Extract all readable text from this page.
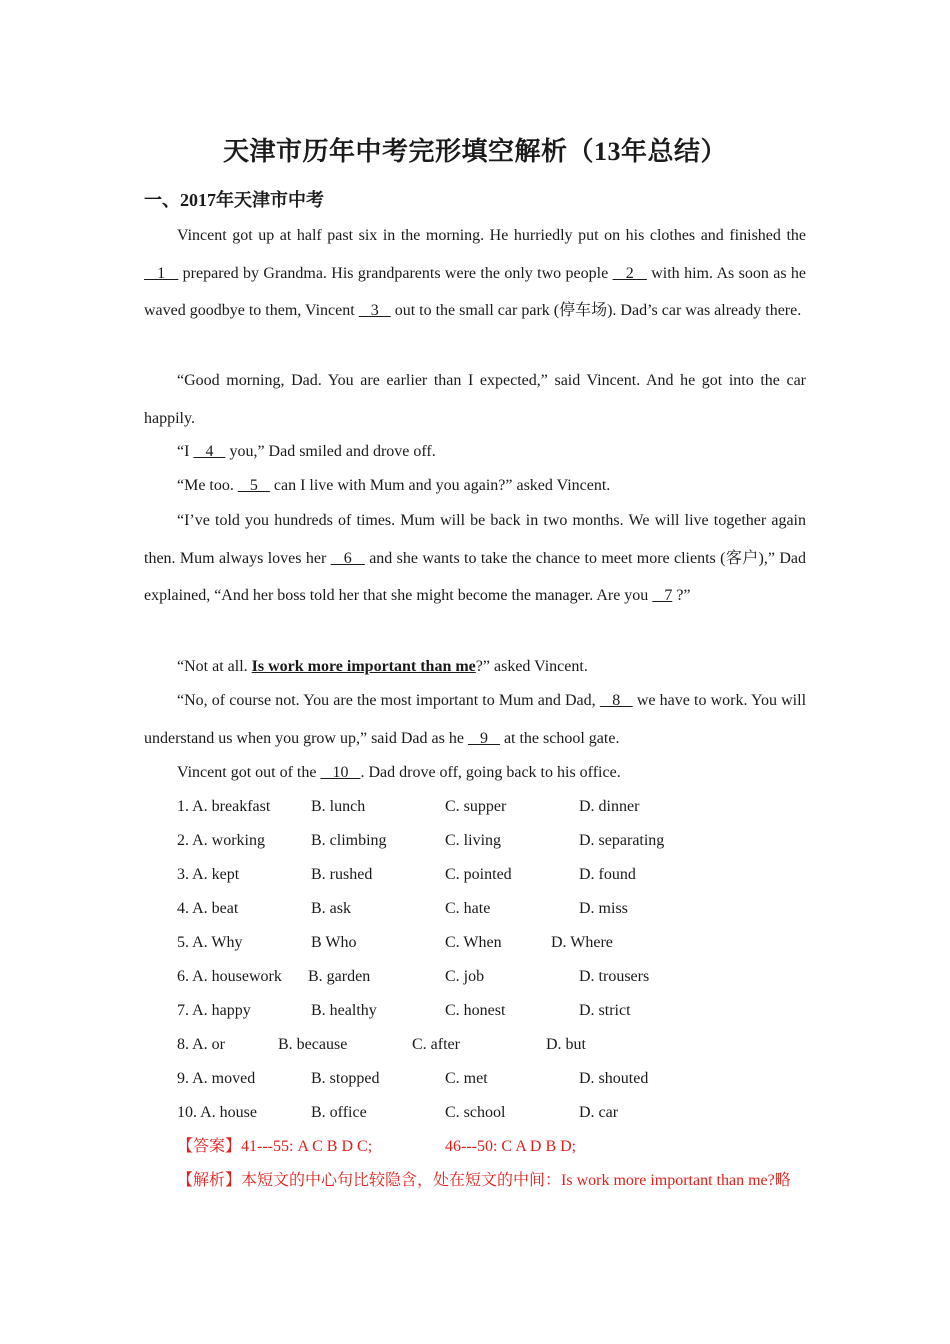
天津市历年中考完形填空解析（13年总结）
一、2017年天津市中考

Vincent got up at half past six in the morning. He hurriedly put on his clothes and finished the    1    prepared by Grandma. His grandparents were the only two people    2    with him. As soon as he waved goodbye to them, Vincent    3    out to the small car park (停车场). Dad’s car was already there.

“Good morning, Dad. You are earlier than I expected,” said Vincent. And he got into the car happily.

“I    4    you,” Dad smiled and drove off.

“Me too.    5    can I live with Mum and you again?” asked Vincent.

“I’ve told you hundreds of times. Mum will be back in two months. We will live together again then. Mum always loves her    6    and she wants to take the chance to meet more clients (客户),” Dad explained, “And her boss told her that she might become the manager. Are you    7 ?”

“Not at all. Is work more important than me?” asked Vincent.

“No, of course not. You are the most important to Mum and Dad,    8    we have to work. You will understand us when you grow up,” said Dad as he    9    at the school gate.

Vincent got out of the    10   . Dad drove off, going back to his office.

1. A. breakfast	B. lunch	C. supper	D. dinner
2. A. working	B. climbing	C. living	D. separating
3. A. kept	B. rushed	C. pointed	D. found
4. A. beat	B. ask	C. hate	D. miss
5. A. Why	B Who	C. When	D. Where
6. A. housework B. garden	C. job	D. trousers
7. A. happy	B. healthy	C. honest	D. strict
8. A. or	B. because	C. after	D. but
9. A. moved	B. stopped	C. met	D. shouted
10. A. house	B. office	C. school	D. car
【答案】41---55: A C B D C;	46---50: C A D B D;
【解析】本短文的中心句比较隐含，处在短文的中间：Is work more important than me?略
